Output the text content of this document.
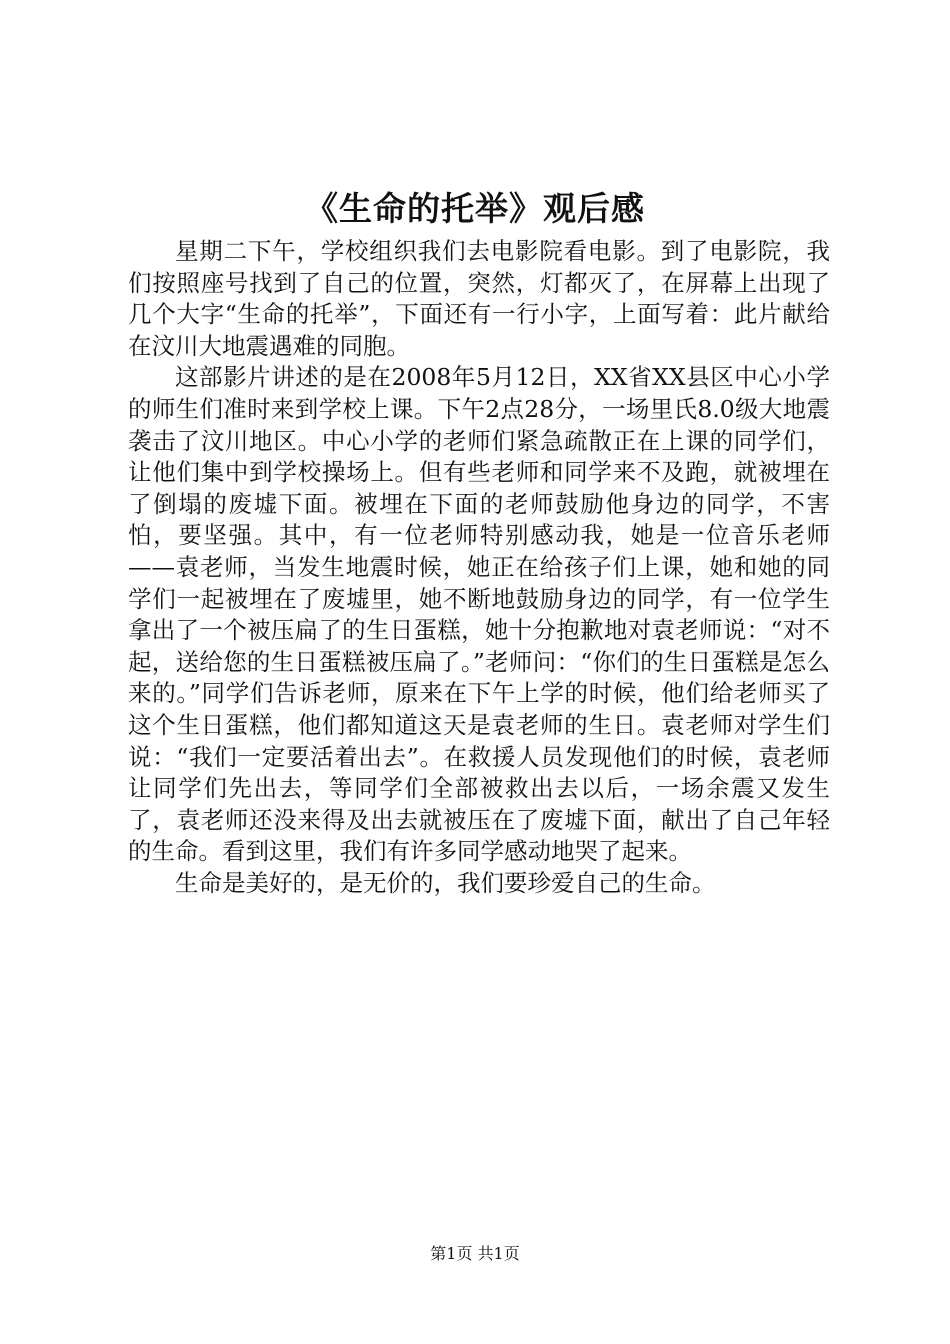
《生命的托举》观后感

星期二下午，学校组织我们去电影院看电影。到了电影院，我们按照座号找到了自己的位置，突然，灯都灭了，在屏幕上出现了几个大字“生命的托举”，下面还有一行小字，上面写着：此片献给在汶川大地震遇难的同胞。

这部影片讲述的是在2008年5月12日，XX省XX县区中心小学的师生们准时来到学校上课。下午2点28分，一场里氏8.0级大地震袭击了汶川地区。中心小学的老师们紧急疏散正在上课的同学们，让他们集中到学校操场上。但有些老师和同学来不及跑，就被埋在了倒塌的废墟下面。被埋在下面的老师鼓励他身边的同学，不害怕，要坚强。其中，有一位老师特别感动我，她是一位音乐老师——袁老师，当发生地震时候，她正在给孩子们上课，她和她的同学们一起被埋在了废墟里，她不断地鼓励身边的同学，有一位学生拿出了一个被压扁了的生日蛋糕，她十分抱歉地对袁老师说：“对不起，送给您的生日蛋糕被压扁了。”老师问：“你们的生日蛋糕是怎么来的。”同学们告诉老师，原来在下午上学的时候，他们给老师买了这个生日蛋糕，他们都知道这天是袁老师的生日。袁老师对学生们说：“我们一定要活着出去”。在救援人员发现他们的时候，袁老师让同学们先出去，等同学们全部被救出去以后，一场余震又发生了，袁老师还没来得及出去就被压在了废墟下面，献出了自己年轻的生命。看到这里，我们有许多同学感动地哭了起来。

生命是美好的，是无价的，我们要珍爱自己的生命。

第1页 共1页
